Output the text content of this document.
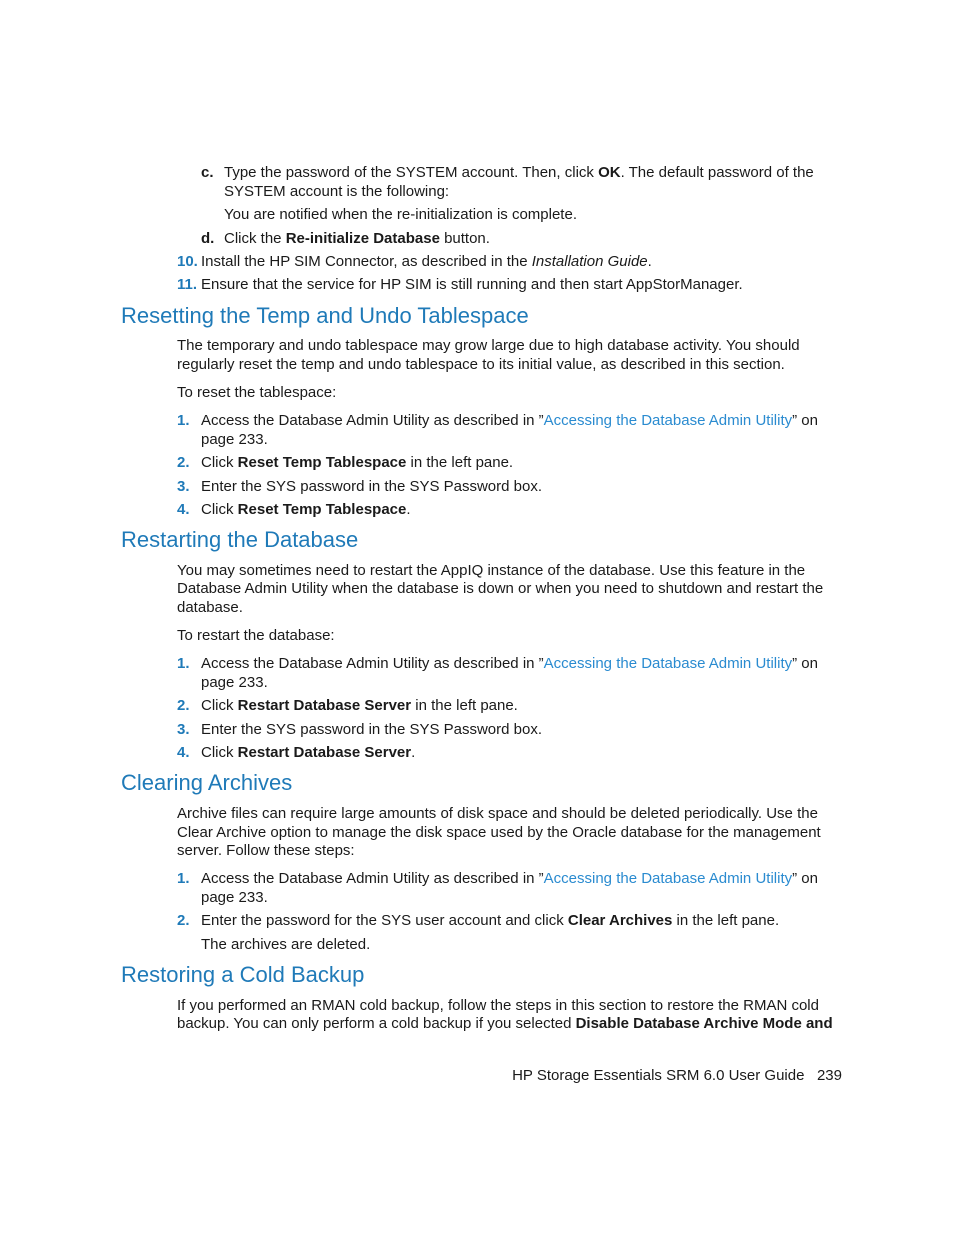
c. Type the password of the SYSTEM account. Then, click OK. The default password of the
SYSTEM account is the following:
You are notified when the re-initialization is complete.
d. Click the Re-initialize Database button.
10. Install the HP SIM Connector, as described in the Installation Guide.
11. Ensure that the service for HP SIM is still running and then start AppStorManager.
Resetting the Temp and Undo Tablespace
The temporary and undo tablespace may grow large due to high database activity. You should
regularly reset the temp and undo tablespace to its initial value, as described in this section.
To reset the tablespace:
1. Access the Database Admin Utility as described in ”Accessing the Database Admin Utility” on
page 233.
2. Click Reset Temp Tablespace in the left pane.
3. Enter the SYS password in the SYS Password box.
4. Click Reset Temp Tablespace.
Restarting the Database
You may sometimes need to restart the AppIQ instance of the database. Use this feature in the
Database Admin Utility when the database is down or when you need to shutdown and restart the
database.
To restart the database:
1. Access the Database Admin Utility as described in ”Accessing the Database Admin Utility” on
page 233.
2. Click Restart Database Server in the left pane.
3. Enter the SYS password in the SYS Password box.
4. Click Restart Database Server.
Clearing Archives
Archive files can require large amounts of disk space and should be deleted periodically. Use the
Clear Archive option to manage the disk space used by the Oracle database for the management
server. Follow these steps:
1. Access the Database Admin Utility as described in ”Accessing the Database Admin Utility” on
page 233.
2. Enter the password for the SYS user account and click Clear Archives in the left pane.
The archives are deleted.
Restoring a Cold Backup
If you performed an RMAN cold backup, follow the steps in this section to restore the RMAN cold
backup. You can only perform a cold backup if you selected Disable Database Archive Mode and
HP Storage Essentials SRM 6.0 User Guide 239
